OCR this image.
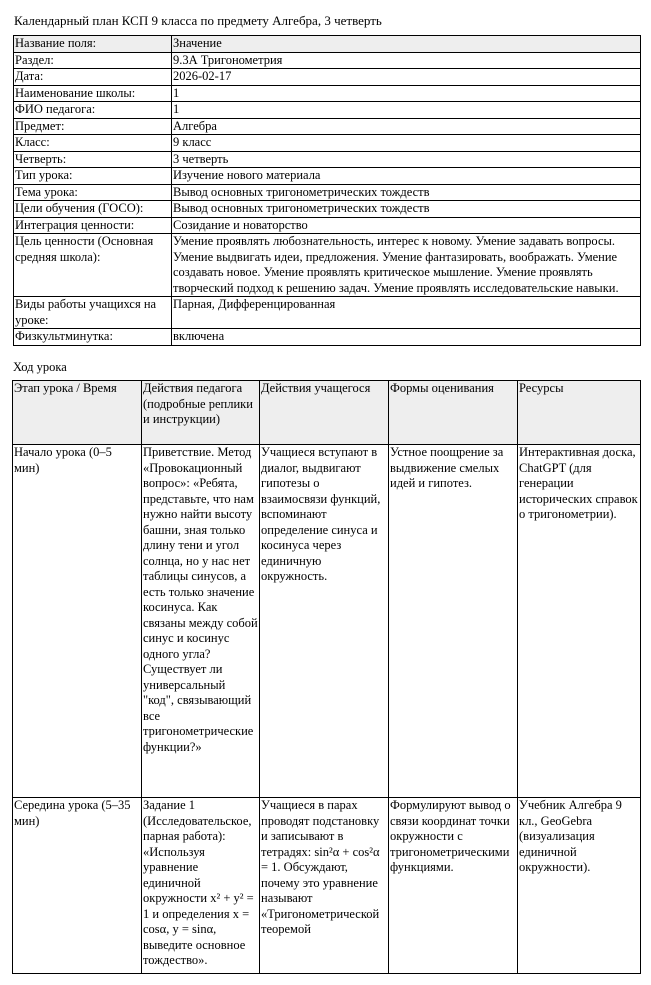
Календарный план КСП 9 класса по предмету Алгебра, 3 четверть
Название поля:	Значение
Раздел:	9.3А Тригонометрия
Дата:	2026-02-17
Наименование школы:	1
ФИО педагога:	1
Предмет:	Алгебра
Класс:	9 класс
Четверть:	3 четверть
Тип урока:	Изучение нового материала
Тема урока:	Вывод основных тригонометрических тождеств
Цели обучения (ГОСО):	Вывод основных тригонометрических тождеств
Интеграция ценности:	Созидание и новаторство
Цель ценности (Основная средняя школа):	Умение проявлять любознательность, интерес к новому. Умение задавать вопросы. Умение выдвигать идеи, предложения. Умение фантазировать, воображать. Умение создавать новое. Умение проявлять критическое мышление. Умение проявлять творческий подход к решению задач. Умение проявлять исследовательские навыки.
Виды работы учащихся на уроке:	Парная, Дифференцированная
Физкультминутка:	включена
Ход урока
Этап урока / Время	Действия педагога (подробные реплики и инструкции)	Действия учащегося	Формы оценивания	Ресурсы
Начало урока (0–5 мин)	Приветствие. Метод «Провокационный вопрос»: «Ребята, представьте, что нам нужно найти высоту башни, зная только длину тени и угол солнца, но у нас нет таблицы синусов, а есть только значение косинуса. Как связаны между собой синус и косинус одного угла? Существует ли универсальный "код", связывающий все тригонометрические функции?»	Учащиеся вступают в диалог, выдвигают гипотезы о взаимосвязи функций, вспоминают определение синуса и косинуса через единичную окружность.	Устное поощрение за выдвижение смелых идей и гипотез.	Интерактивная доска, ChatGPT (для генерации исторических справок о тригонометрии).
Середина урока (5–35 мин)	Задание 1 (Исследовательское, парная работа): «Используя уравнение единичной окружности x² + y² = 1 и определения x = cosα, y = sinα, выведите основное тождество».	Учащиеся в парах проводят подстановку и записывают в тетрадях: sin²α + cos²α = 1. Обсуждают, почему это уравнение называют «Тригонометрической теоремой	Формулируют вывод о связи координат точки окружности с тригонометрическими функциями.	Учебник Алгебра 9 кл., GeoGebra (визуализация единичной окружности).
